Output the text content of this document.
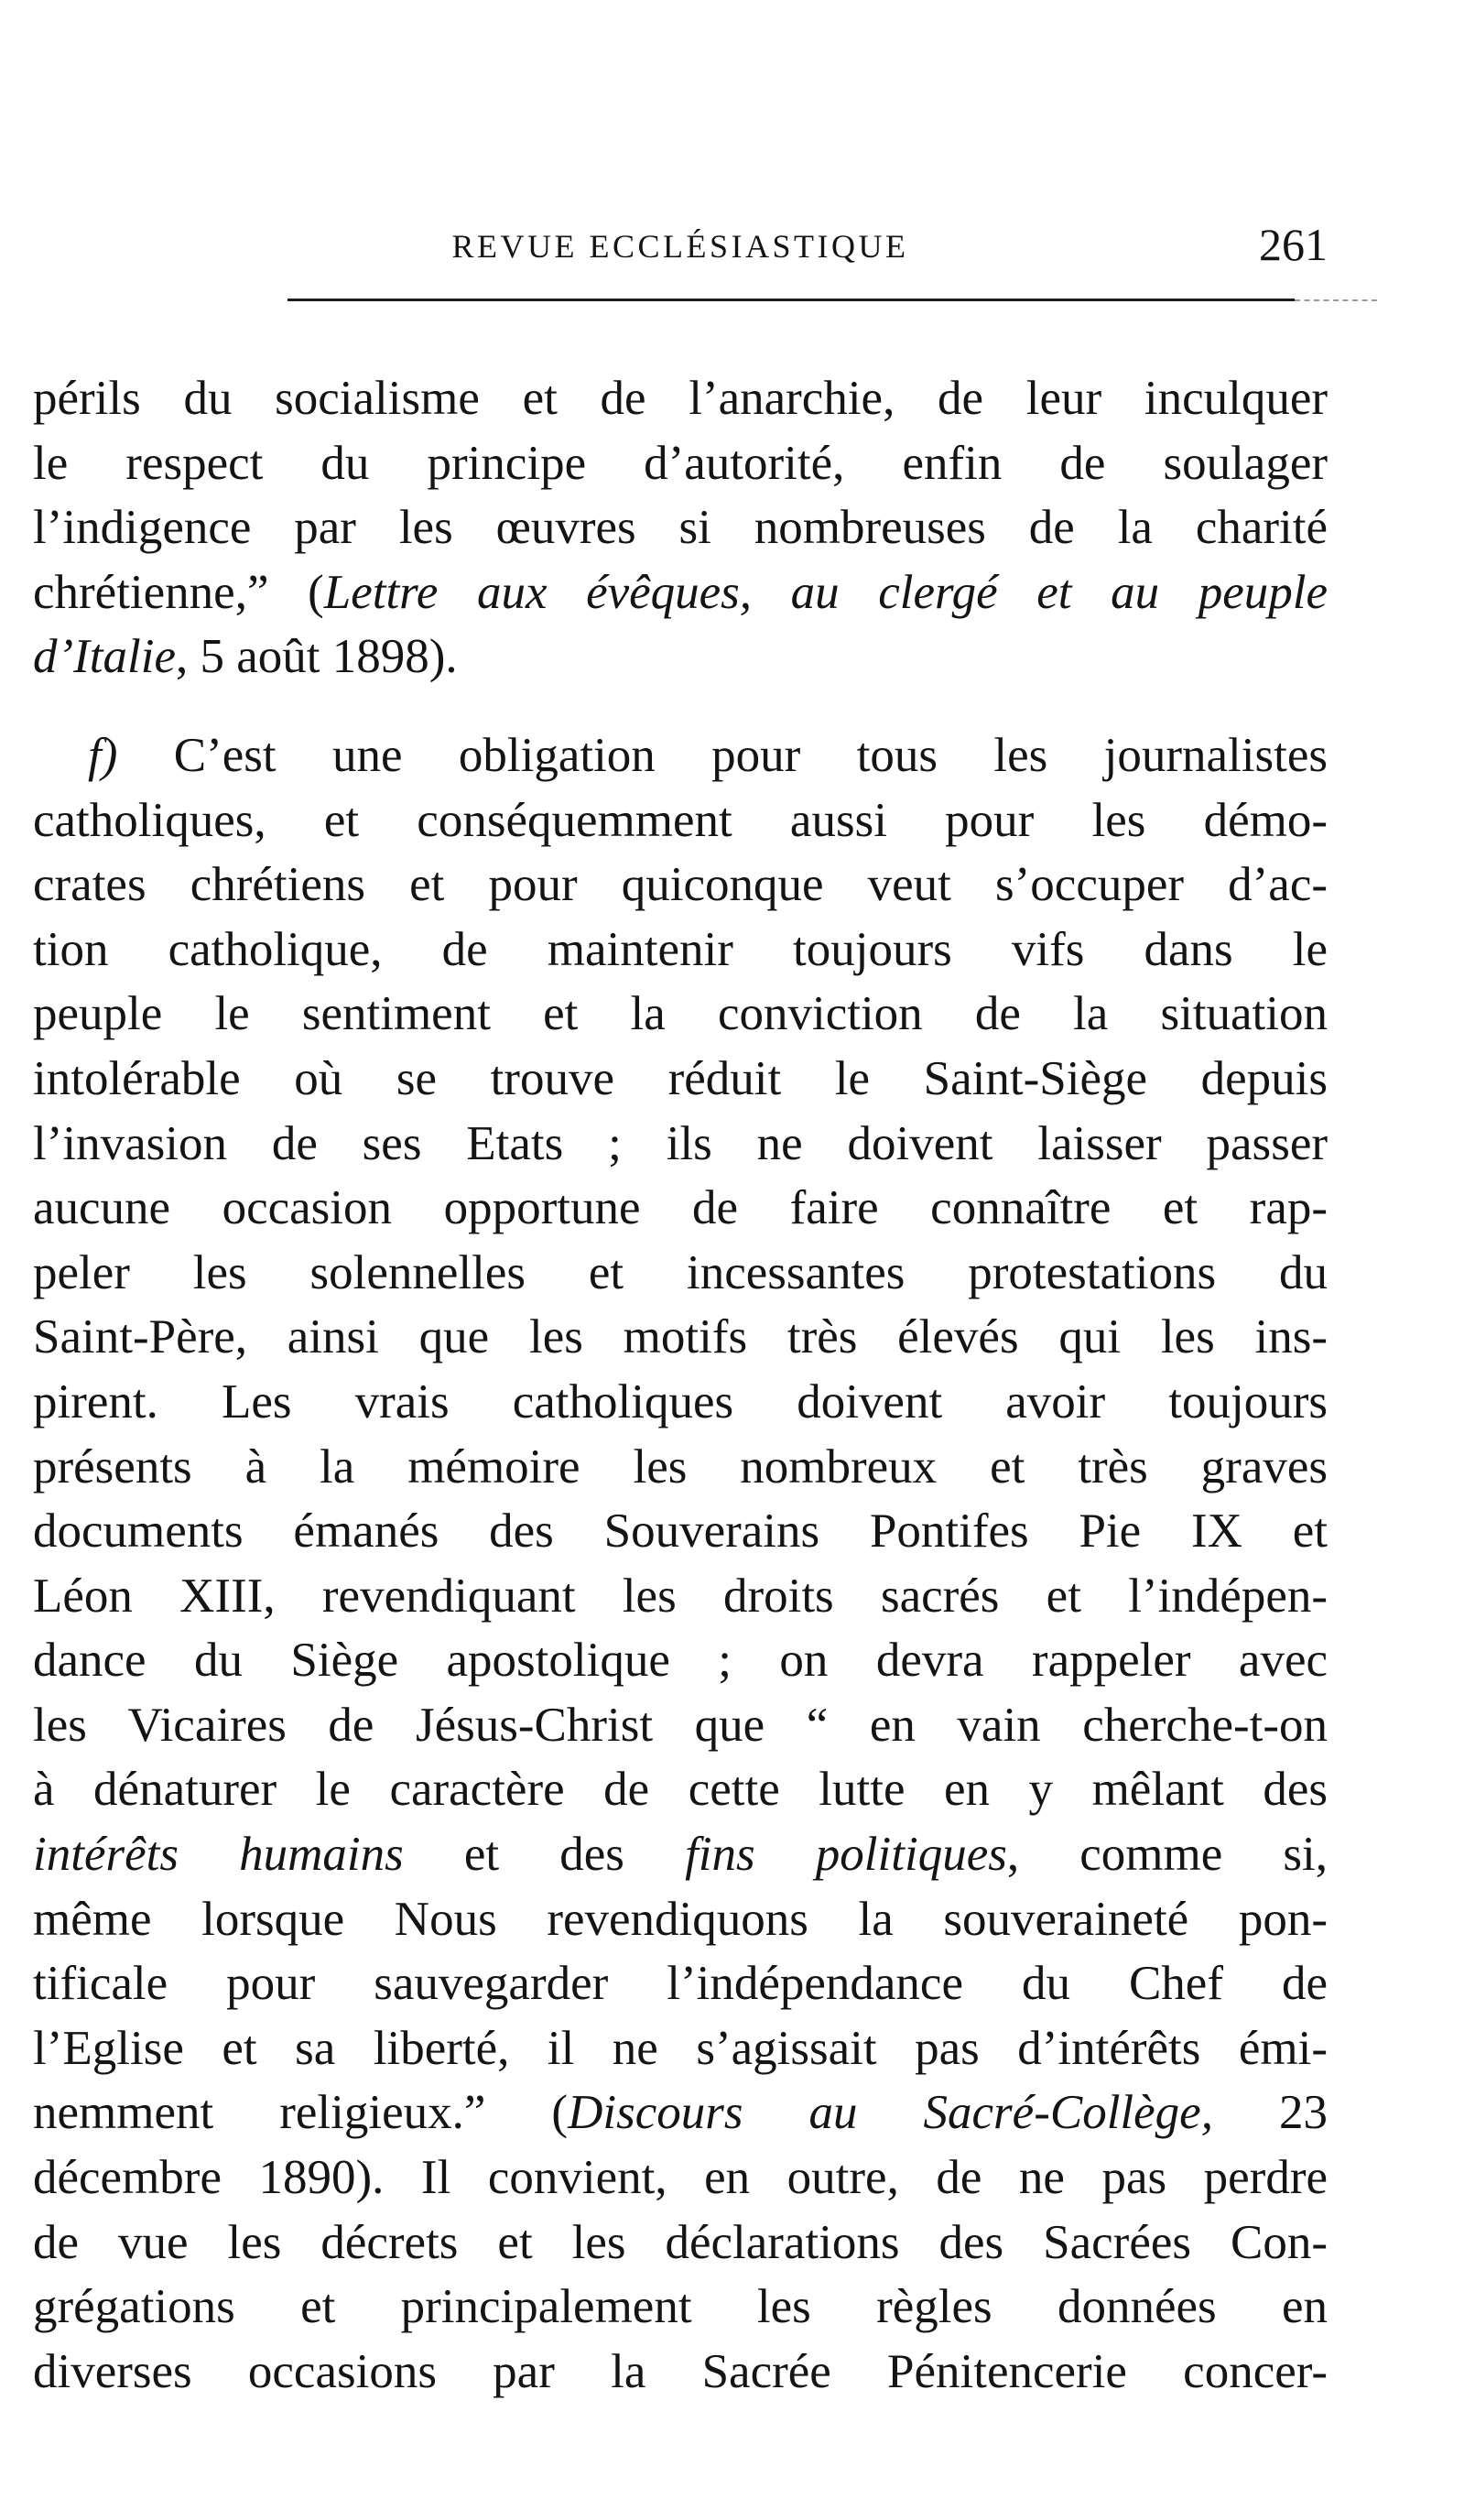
REVUE ECCLÉSIASTIQUE	261

périls du socialisme et de l’anarchie, de leur inculquer
le respect du principe d’autorité, enfin de soulager
l’indigence par les œuvres si nombreuses de la charité
chrétienne,” (Lettre aux évêques, au clergé et au peuple
d’Italie, 5 août 1898).

f) C’est une obligation pour tous les journalistes
catholiques, et conséquemment aussi pour les démo-
crates chrétiens et pour quiconque veut s’occuper d’ac-
tion catholique, de maintenir toujours vifs dans le
peuple le sentiment et la conviction de la situation
intolérable où se trouve réduit le Saint-Siège depuis
l’invasion de ses Etats ; ils ne doivent laisser passer
aucune occasion opportune de faire connaître et rap-
peler les solennelles et incessantes protestations du
Saint-Père, ainsi que les motifs très élevés qui les ins-
pirent. Les vrais catholiques doivent avoir toujours
présents à la mémoire les nombreux et très graves
documents émanés des Souverains Pontifes Pie IX et
Léon XIII, revendiquant les droits sacrés et l’indépen-
dance du Siège apostolique ; on devra rappeler avec
les Vicaires de Jésus-Christ que “ en vain cherche-t-on
à dénaturer le caractère de cette lutte en y mêlant des
intérêts humains et des fins politiques, comme si,
même lorsque Nous revendiquons la souveraineté pon-
tificale pour sauvegarder l’indépendance du Chef de
l’Eglise et sa liberté, il ne s’agissait pas d’intérêts émi-
nemment religieux.” (Discours au Sacré-Collège, 23
décembre 1890). Il convient, en outre, de ne pas perdre
de vue les décrets et les déclarations des Sacrées Con-
grégations et principalement les règles données en
diverses occasions par la Sacrée Pénitencerie concer-
